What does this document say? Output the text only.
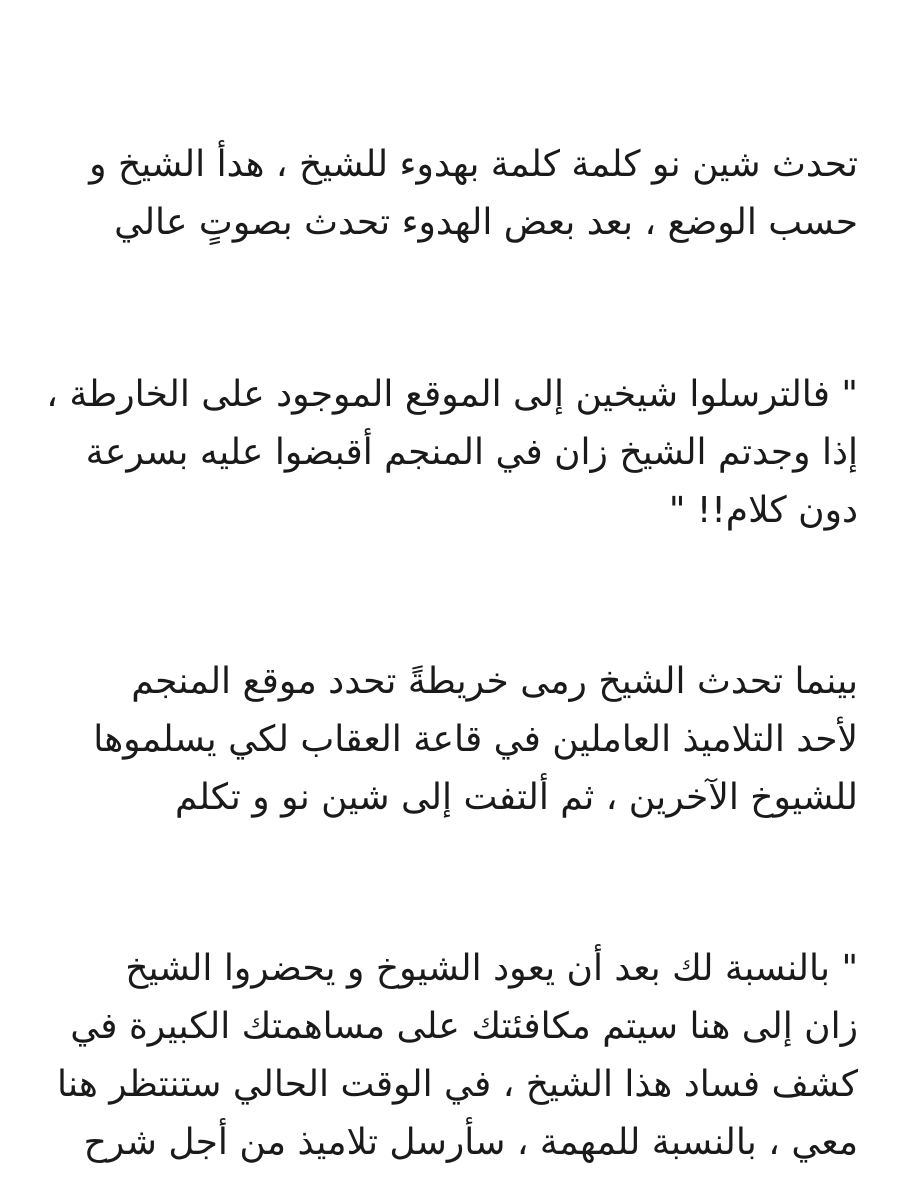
تحدث شين نو كلمة كلمة بهدوء للشيخ ، هدأ الشيخ و
حسب الوضع ، بعد بعض الهدوء تحدث بصوتٍ عالي

" فالترسلوا شيخين إلى الموقع الموجود على الخارطة ،
إذا وجدتم الشيخ زان في المنجم أقبضوا عليه بسرعة
دون كلام!! "

بينما تحدث الشيخ رمى خريطةً تحدد موقع المنجم
لأحد التلاميذ العاملين في قاعة العقاب لكي يسلموها
للشيوخ الآخرين ، ثم ألتفت إلى شين نو و تكلم

" بالنسبة لك بعد أن يعود الشيوخ و يحضروا الشيخ
زان إلى هنا سيتم مكافئتك على مساهمتك الكبيرة في
كشف فساد هذا الشيخ ، في الوقت الحالي ستنتظر هنا
معي ، بالنسبة للمهمة ، سأرسل تلاميذ من أجل شرح
